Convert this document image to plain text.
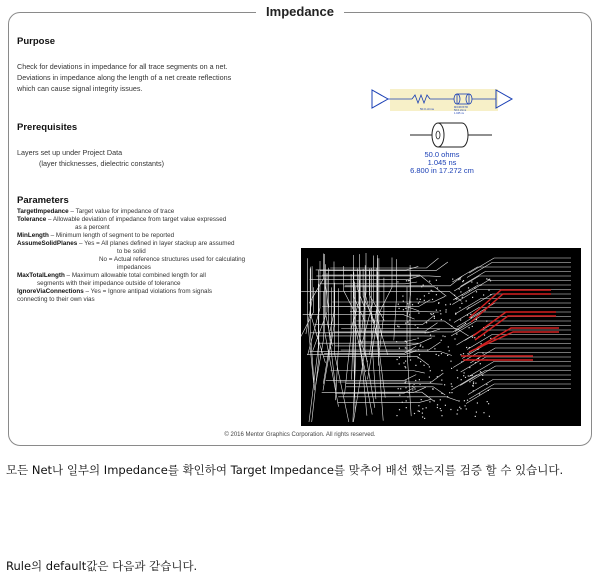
Impedance
Purpose
Check for deviations in impedance for all trace segments on a net.
Deviations in impedance along the length of a net create reflections
which can cause signal integrity issues.
Prerequisites
Layers set up under Project Data
(layer thicknesses, dielectric constants)
Parameters
TargetImpedance – Target value for impedance of trace
Tolerance – Allowable deviation of impedance from target value expressed
as a percent
MinLength – Minimum length of segment to be reported
AssumeSolidPlanes – Yes = All planes defined in layer stackup are assumed
to be solid
No = Actual reference structures used for calculating
impedances
MaxTotalLength – Maximum allowable total combined length for all
segments with their impedance outside of tolerance
IgnoreViaConnections – Yes = Ignore antipad violations from signals
connecting to their own vias
50.0 ohms	MICROSTR
50.0 ohms
1.045 ns
50.0 ohms
1.045 ns
6.800 in 17.272 cm
© 2016 Mentor Graphics Corporation. All rights reserved.
모든 Net나 일부의 Impedance를 확인하여 Target Impedance를 맞추어 배선 했는지를 검증 할 수 있습니다.
Rule의 default값은 다음과 같습니다.
